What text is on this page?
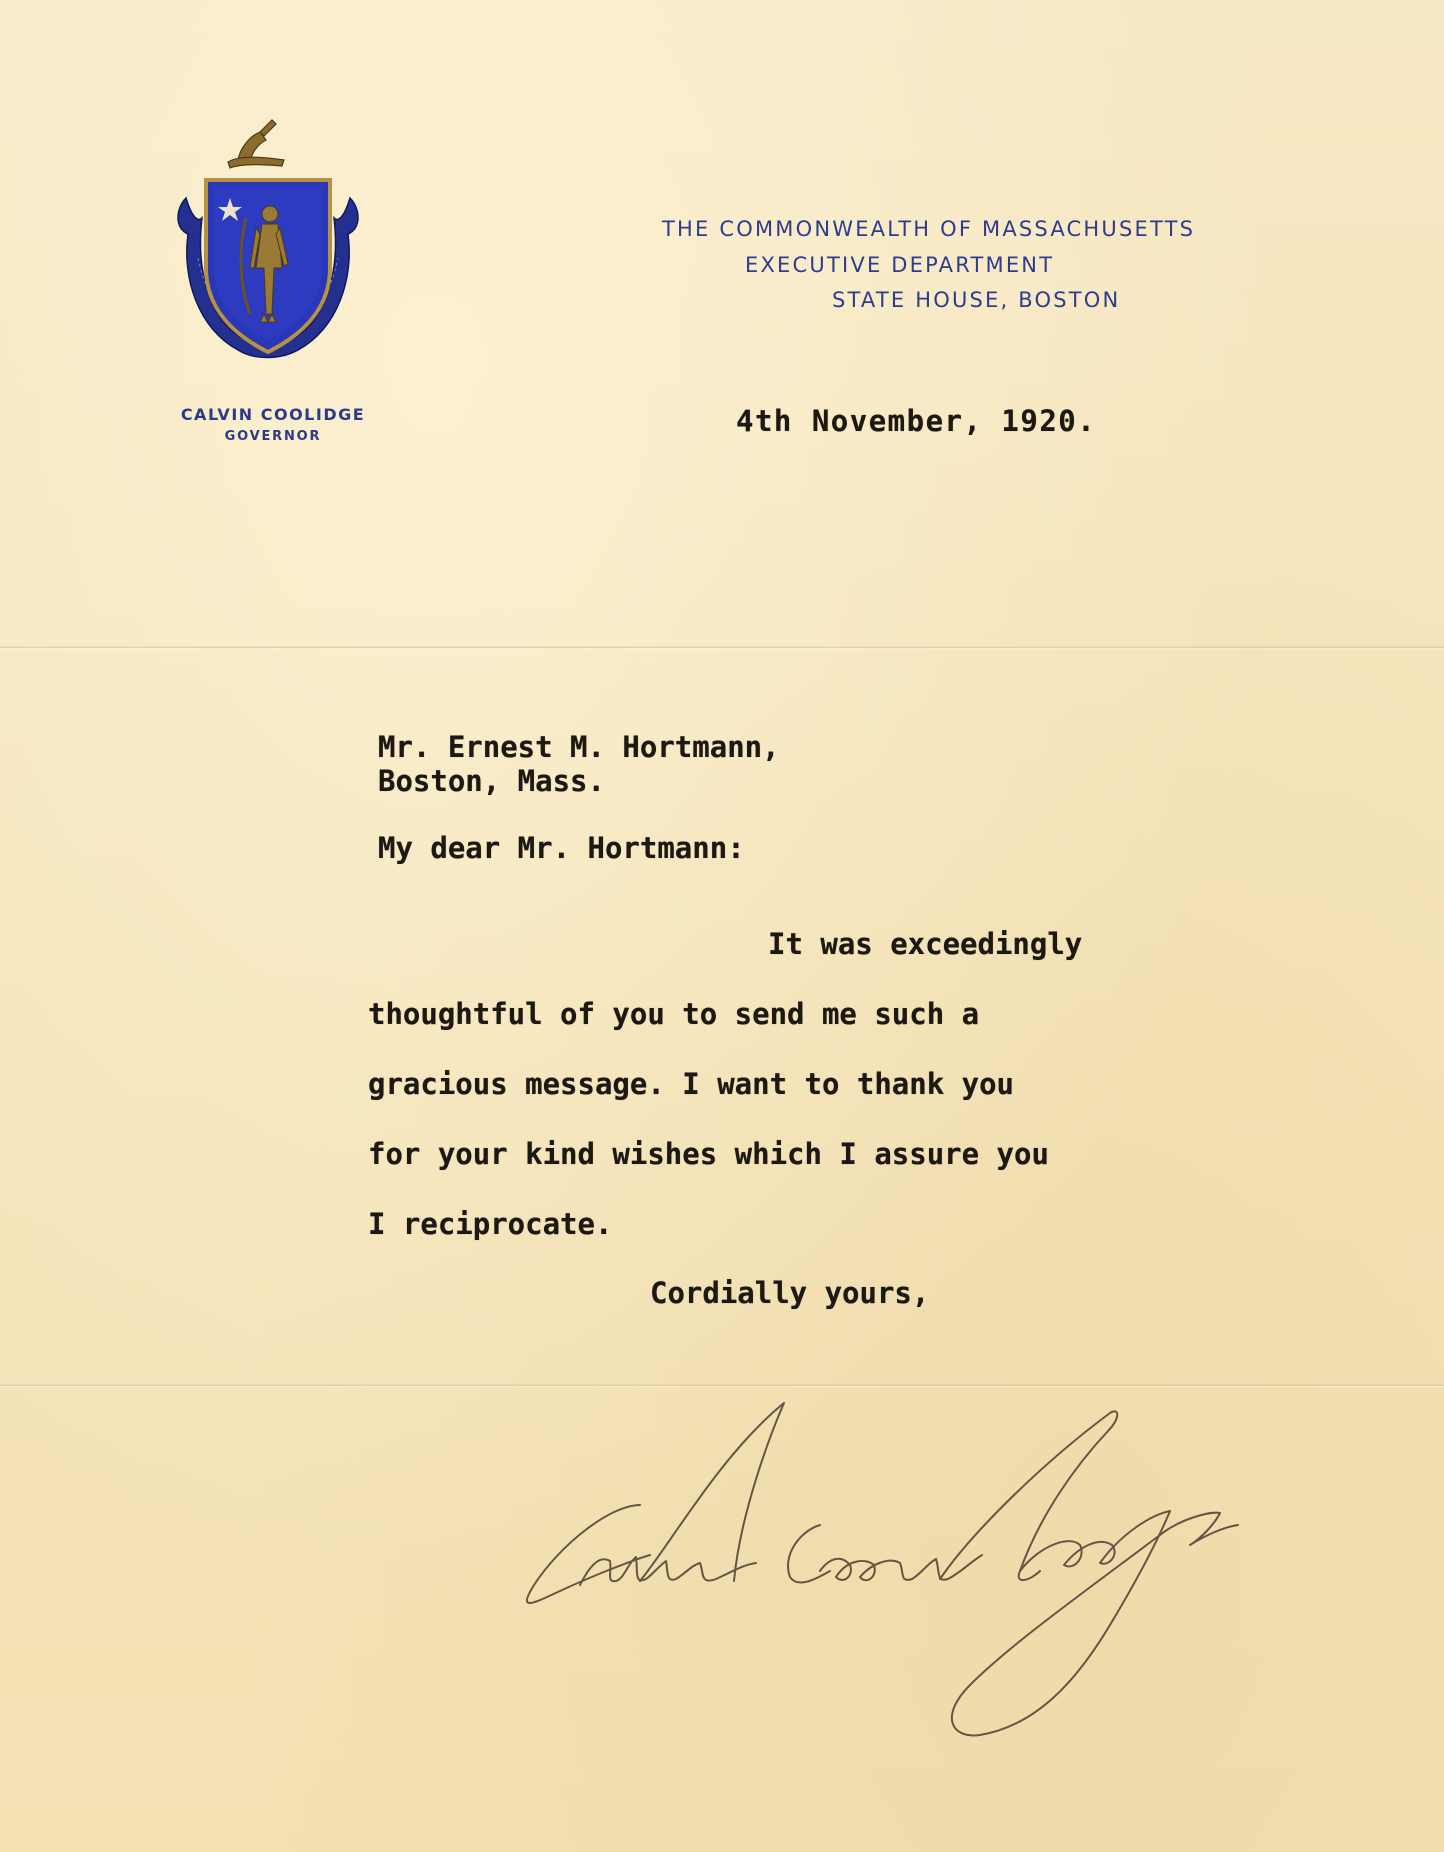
CALVIN COOLIDGE
GOVERNOR
THE COMMONWEALTH OF MASSACHUSETTS
EXECUTIVE DEPARTMENT
STATE HOUSE, BOSTON
4th November, 1920.
Mr. Ernest M. Hortmann,
Boston, Mass.
My dear Mr. Hortmann:
It was exceedingly
thoughtful of you to send me such a
gracious message. I want to thank you
for your kind wishes which I assure you
I reciprocate.
Cordially yours,
